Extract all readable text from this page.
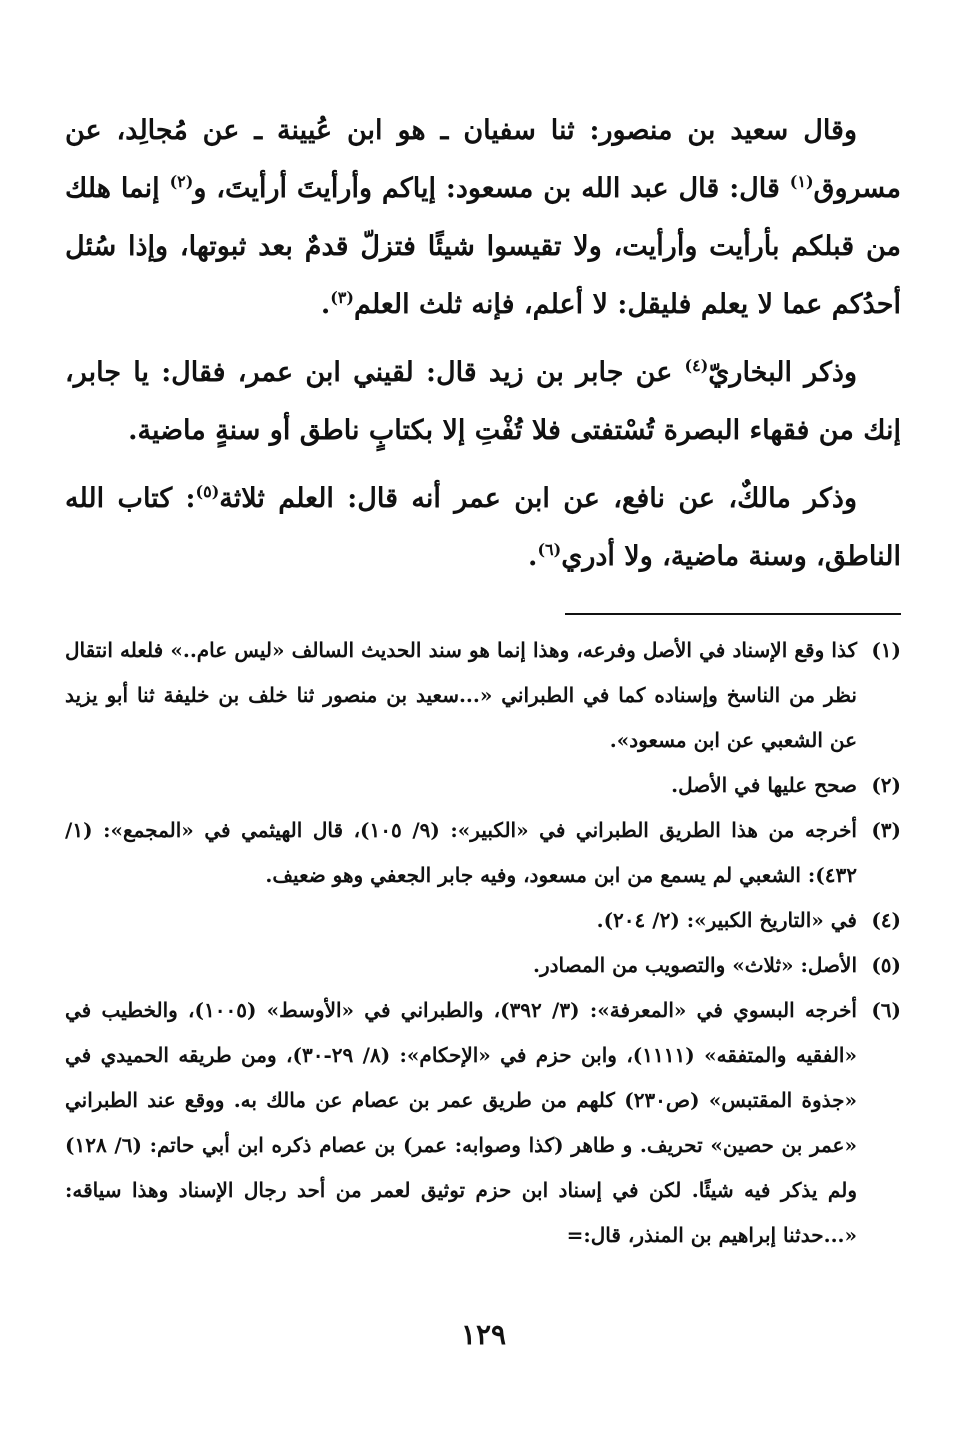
وقال سعيد بن منصور: ثنا سفيان ـ هو ابن عُيينة ـ عن مُجالِد، عن مسروق$^{(١)}$ قال: قال عبد الله بن مسعود: إياكم وأرأيتَ أرأيتَ، و$^{(٢)}$ إنما هلك من قبلكم بأرأيت وأرأيت، ولا تقيسوا شيئًا فتزلّ قدمٌ بعد ثبوتها، وإذا سُئل أحدُكم عما لا يعلم فليقل: لا أعلم، فإنه ثلث العلم$^{(٣)}$.

وذكر البخاريّ$^{(٤)}$ عن جابر بن زيد قال: لقيني ابن عمر، فقال: يا جابر، إنك من فقهاء البصرة تُسْتفتى فلا تُفْتِ إلا بكتابٍ ناطق أو سنةٍ ماضية.

وذكر مالكٌ، عن نافع، عن ابن عمر أنه قال: العلم ثلاثة$^{(٥)}$: كتاب الله الناطق، وسنة ماضية، ولا أدري$^{(٦)}$.

(١)
كذا وقع الإسناد في الأصل وفرعه، وهذا إنما هو سند الحديث السالف «ليس عام..» فلعله انتقال نظر من الناسخ وإسناده كما في الطبراني «...سعيد بن منصور ثنا خلف بن خليفة ثنا أبو يزيد عن الشعبي عن ابن مسعود».
(٢)
صحح عليها في الأصل.
(٣)
أخرجه من هذا الطريق الطبراني في «الكبير»: (٩/ ١٠٥)، قال الهيثمي في «المجمع»: (١/ ٤٣٢): الشعبي لم يسمع من ابن مسعود، وفيه جابر الجعفي وهو ضعيف.
(٤)
في «التاريخ الكبير»: (٢/ ٢٠٤).
(٥)
الأصل: «ثلاث» والتصويب من المصادر.
(٦)
أخرجه البسوي في «المعرفة»: (٣/ ٣٩٢)، والطبراني في «الأوسط» (١٠٠٥)، والخطيب في «الفقيه والمتفقه» (١١١١)، وابن حزم في «الإحكام»: (٨/ ٢٩-٣٠)، ومن طريقه الحميدي في «جذوة المقتبس» (ص٢٣٠) كلهم من طريق عمر بن عصام عن مالك به. ووقع عند الطبراني «عمر بن حصين» تحريف. و طاهر (كذا وصوابه: عمر) بن عصام ذكره ابن أبي حاتم: (٦/ ١٢٨) ولم يذكر فيه شيئًا. لكن في إسناد ابن حزم توثيق لعمر من أحد رجال الإسناد وهذا سياقه: «...حدثنا إبراهيم بن المنذر، قال:=
١٢٩
